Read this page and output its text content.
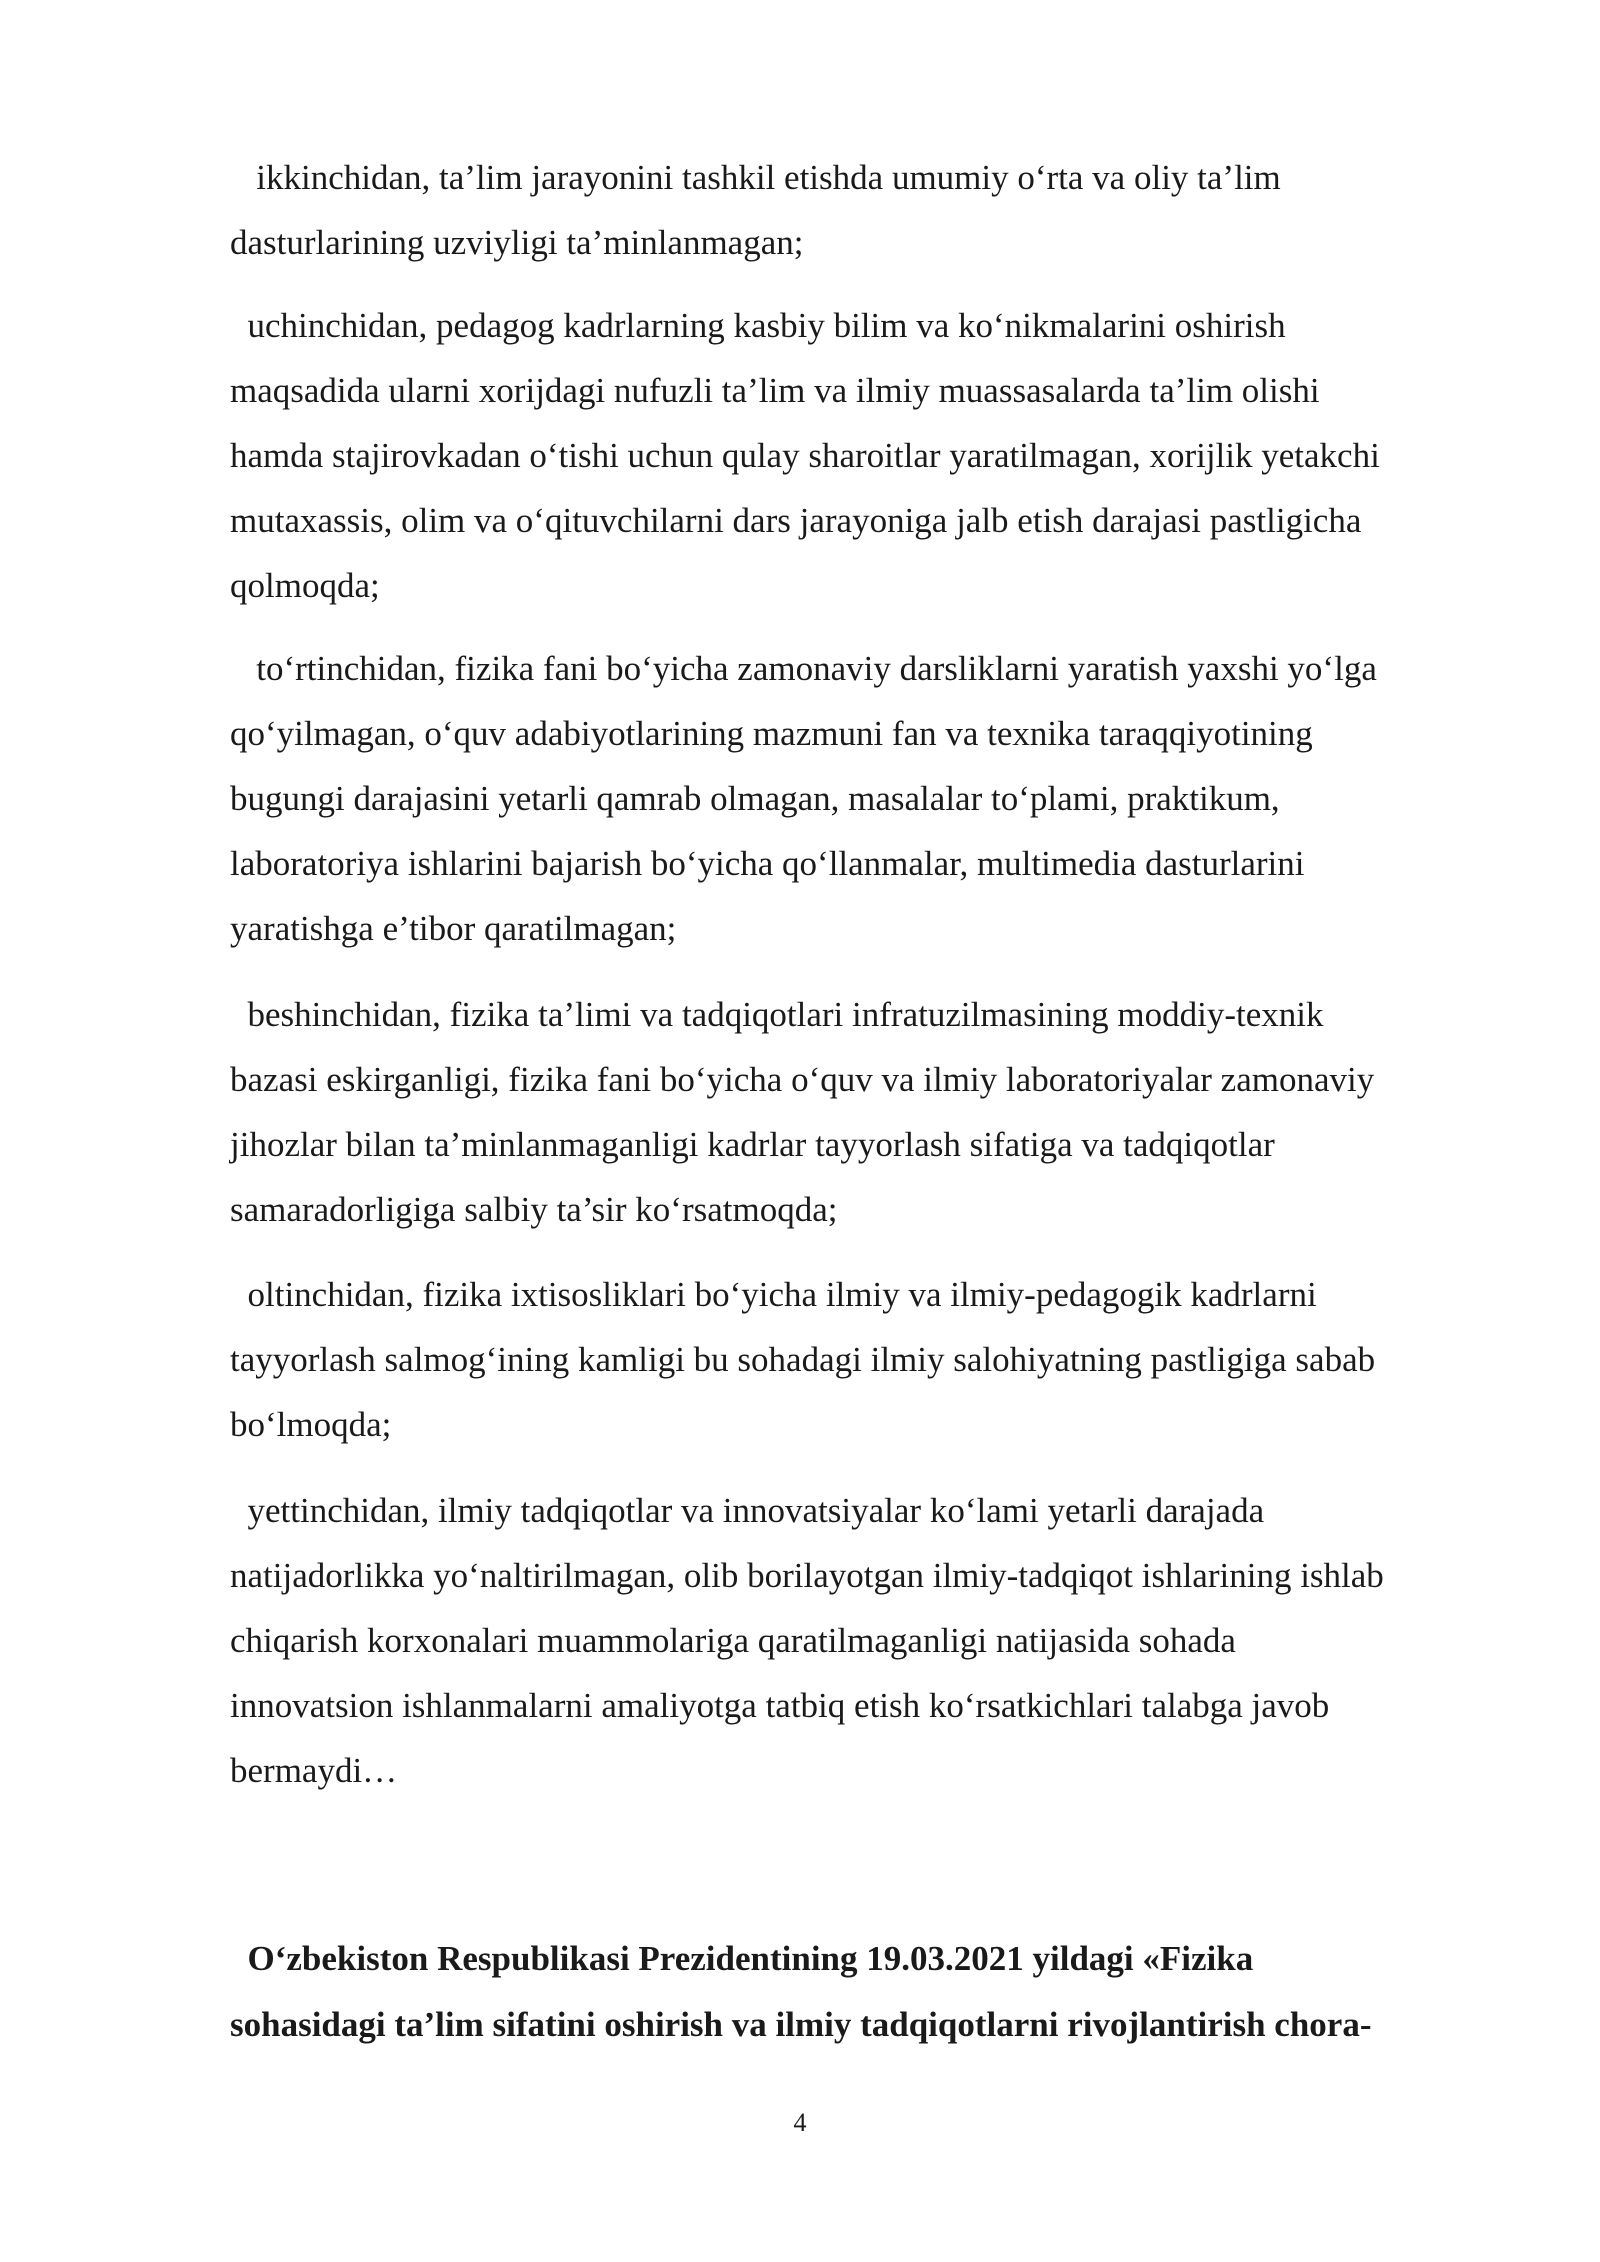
ikkinchidan, ta’lim jarayonini tashkil etishda umumiy o‘rta va oliy ta’lim
dasturlarining uzviyligi ta’minlanmagan;
uchinchidan, pedagog kadrlarning kasbiy bilim va ko‘nikmalarini oshirish
maqsadida ularni xorijdagi nufuzli ta’lim va ilmiy muassasalarda ta’lim olishi
hamda stajirovkadan o‘tishi uchun qulay sharoitlar yaratilmagan, xorijlik yetakchi
mutaxassis, olim va o‘qituvchilarni dars jarayoniga jalb etish darajasi pastligicha
qolmoqda;
to‘rtinchidan, fizika fani bo‘yicha zamonaviy darsliklarni yaratish yaxshi yo‘lga
qo‘yilmagan, o‘quv adabiyotlarining mazmuni fan va texnika taraqqiyotining
bugungi darajasini yetarli qamrab olmagan, masalalar to‘plami, praktikum,
laboratoriya ishlarini bajarish bo‘yicha qo‘llanmalar, multimedia dasturlarini
yaratishga e’tibor qaratilmagan;
beshinchidan, fizika ta’limi va tadqiqotlari infratuzilmasining moddiy-texnik
bazasi eskirganligi, fizika fani bo‘yicha o‘quv va ilmiy laboratoriyalar zamonaviy
jihozlar bilan ta’minlanmaganligi kadrlar tayyorlash sifatiga va tadqiqotlar
samaradorligiga salbiy ta’sir ko‘rsatmoqda;
oltinchidan, fizika ixtisosliklari bo‘yicha ilmiy va ilmiy-pedagogik kadrlarni
tayyorlash salmog‘ining kamligi bu sohadagi ilmiy salohiyatning pastligiga sabab
bo‘lmoqda;
yettinchidan, ilmiy tadqiqotlar va innovatsiyalar ko‘lami yetarli darajada
natijadorlikka yo‘naltirilmagan, olib borilayotgan ilmiy-tadqiqot ishlarining ishlab
chiqarish korxonalari muammolariga qaratilmaganligi natijasida sohada
innovatsion ishlanmalarni amaliyotga tatbiq etish ko‘rsatkichlari talabga javob
bermaydi…
O‘zbekiston Respublikasi Prezidentining 19.03.2021 yildagi «Fizika
sohasidagi ta’lim sifatini oshirish va ilmiy tadqiqotlarni rivojlantirish chora-
4
